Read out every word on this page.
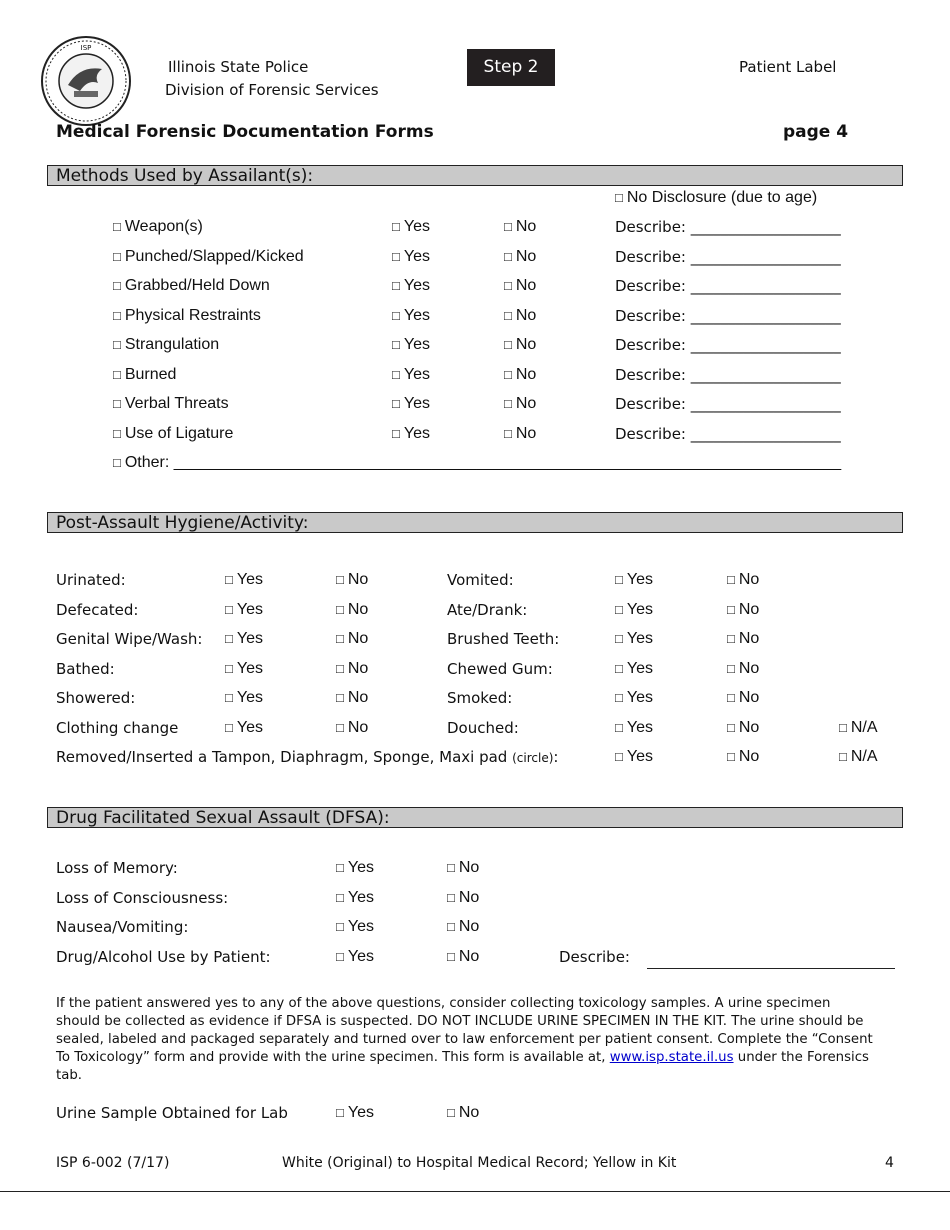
ISP
Illinois State Police
Division of Forensic Services
Step 2	Patient Label
Medical Forensic Documentation Forms	page 4
Methods Used by Assailant(s):
□ No Disclosure (due to age)
□ Weapon(s)	□ Yes	□ No	Describe: ____________________
□ Punched/Slapped/Kicked	□ Yes	□ No	Describe: ____________________
□ Grabbed/Held Down	□ Yes	□ No	Describe: ____________________
□ Physical Restraints	□ Yes	□ No	Describe: ____________________
□ Strangulation	□ Yes	□ No	Describe: ____________________
□ Burned	□ Yes	□ No	Describe: ____________________
□ Verbal Threats	□ Yes	□ No	Describe: ____________________
□ Use of Ligature	□ Yes	□ No	Describe: ____________________
□ Other: ___________________________________________________________________________
Post-Assault Hygiene/Activity:
Urinated:	□ Yes	□ No	Vomited:	□ Yes	□ No
Defecated:	□ Yes	□ No	Ate/Drank:	□ Yes	□ No
Genital Wipe/Wash: □ Yes	□ No	Brushed Teeth:	□ Yes	□ No
Bathed:	□ Yes	□ No	Chewed Gum:	□ Yes	□ No
Showered:	□ Yes	□ No	Smoked:	□ Yes	□ No
Clothing change	□ Yes	□ No	Douched:	□ Yes	□ No	□ N/A
Removed/Inserted a Tampon, Diaphragm, Sponge, Maxi pad (circle):	□ Yes	□ No	□ N/A
Drug Facilitated Sexual Assault (DFSA):
Loss of Memory:	□ Yes	□ No
Loss of Consciousness:	□ Yes	□ No
Nausea/Vomiting:	□ Yes	□ No
Drug/Alcohol Use by Patient:	□ Yes	□ No	Describe:
If the patient answered yes to any of the above questions, consider collecting toxicology samples. A urine specimen should be collected as evidence if DFSA is suspected. DO NOT INCLUDE URINE SPECIMEN IN THE KIT. The urine should be sealed, labeled and packaged separately and turned over to law enforcement per patient consent. Complete the “Consent To Toxicology” form and provide with the urine specimen. This form is available at, www.isp.state.il.us under the Forensics tab.
Urine Sample Obtained for Lab	□ Yes	□ No
ISP 6-002 (7/17)	White (Original) to Hospital Medical Record; Yellow in Kit	4
